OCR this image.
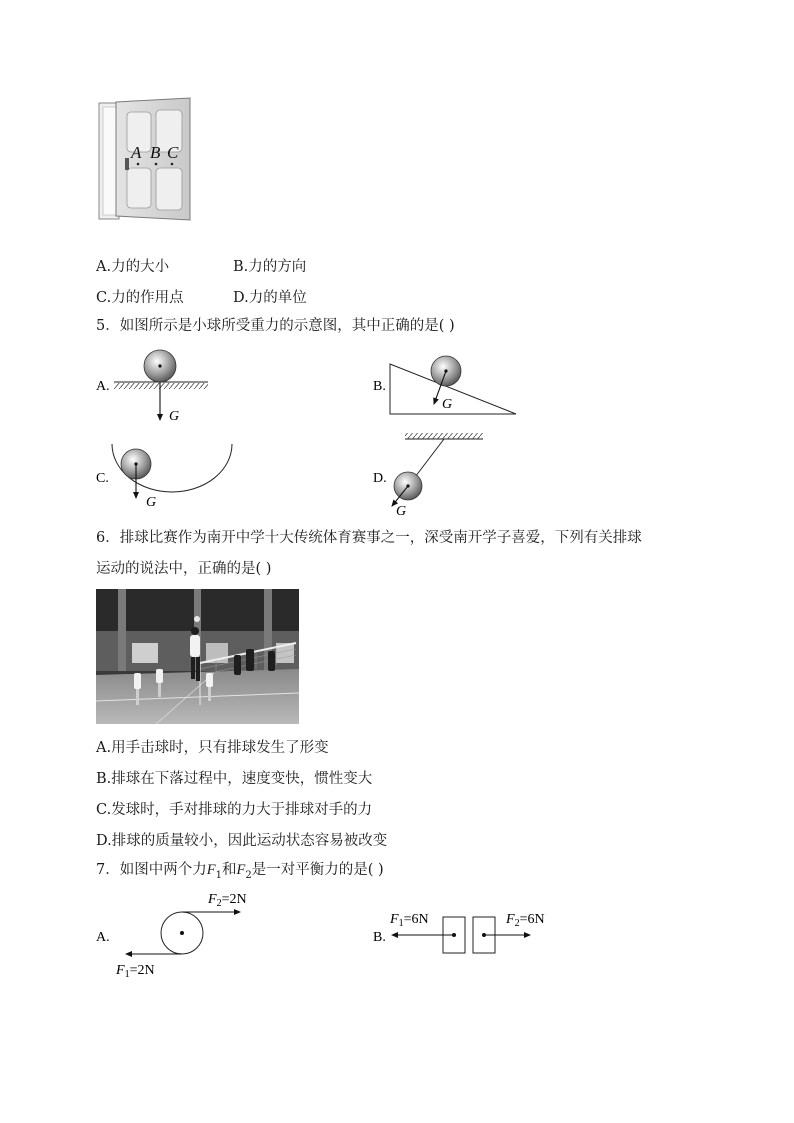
A B C
A.力的大小	B.力的方向
C.力的作用点	D.力的单位
5．如图所示是小球所受重力的示意图，其中正确的是( )
A.
G
B.
G
C.
G
D.
G
6．排球比赛作为南开中学十大传统体育赛事之一，深受南开学子喜爱，下列有关排球
运动的说法中，正确的是( )
A.用手击球时，只有排球发生了形变
B.排球在下落过程中，速度变快，惯性变大
C.发球时，手对排球的力大于排球对手的力
D.排球的质量较小，因此运动状态容易被改变
7．如图中两个力$F_1$和$F_2$是一对平衡力的是( )
A.
$F_2=2N$
$F_1=2N$
B.
$F_1=6N$	$F_2=6N$
